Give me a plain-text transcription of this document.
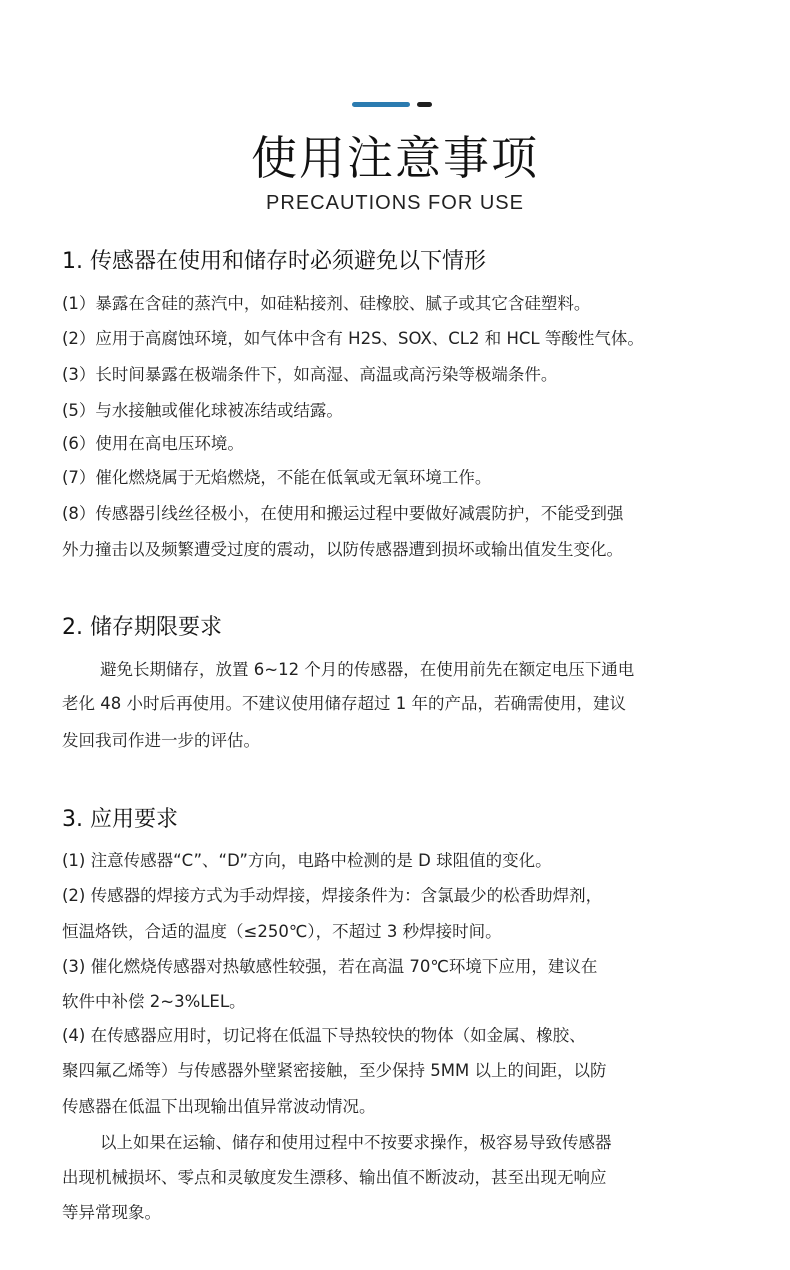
使用注意事项
PRECAUTIONS FOR USE
1. 传感器在使用和储存时必须避免以下情形
(1）暴露在含硅的蒸汽中，如硅粘接剂、硅橡胶、腻子或其它含硅塑料。
(2）应用于高腐蚀环境，如气体中含有 H2S、SOX、CL2 和 HCL 等酸性气体。
(3）长时间暴露在极端条件下，如高湿、高温或高污染等极端条件。
(5）与水接触或催化球被冻结或结露。
(6）使用在高电压环境。
(7）催化燃烧属于无焰燃烧，不能在低氧或无氧环境工作。
(8）传感器引线丝径极小，在使用和搬运过程中要做好减震防护，不能受到强
外力撞击以及频繁遭受过度的震动，以防传感器遭到损坏或输出值发生变化。
2. 储存期限要求
避免长期储存，放置 6~12 个月的传感器，在使用前先在额定电压下通电
老化 48 小时后再使用。不建议使用储存超过 1 年的产品，若确需使用，建议
发回我司作进一步的评估。
3. 应用要求
(1) 注意传感器“C”、“D”方向，电路中检测的是 D 球阻值的变化。
(2) 传感器的焊接方式为手动焊接，焊接条件为：含氯最少的松香助焊剂，
恒温烙铁，合适的温度（≤250℃），不超过 3 秒焊接时间。
(3) 催化燃烧传感器对热敏感性较强，若在高温 70℃环境下应用，建议在
软件中补偿 2~3%LEL。
(4) 在传感器应用时，切记将在低温下导热较快的物体（如金属、橡胶、
聚四氟乙烯等）与传感器外壁紧密接触，至少保持 5MM 以上的间距，以防
传感器在低温下出现输出值异常波动情况。
以上如果在运输、储存和使用过程中不按要求操作，极容易导致传感器
出现机械损坏、零点和灵敏度发生漂移、输出值不断波动，甚至出现无响应
等异常现象。
